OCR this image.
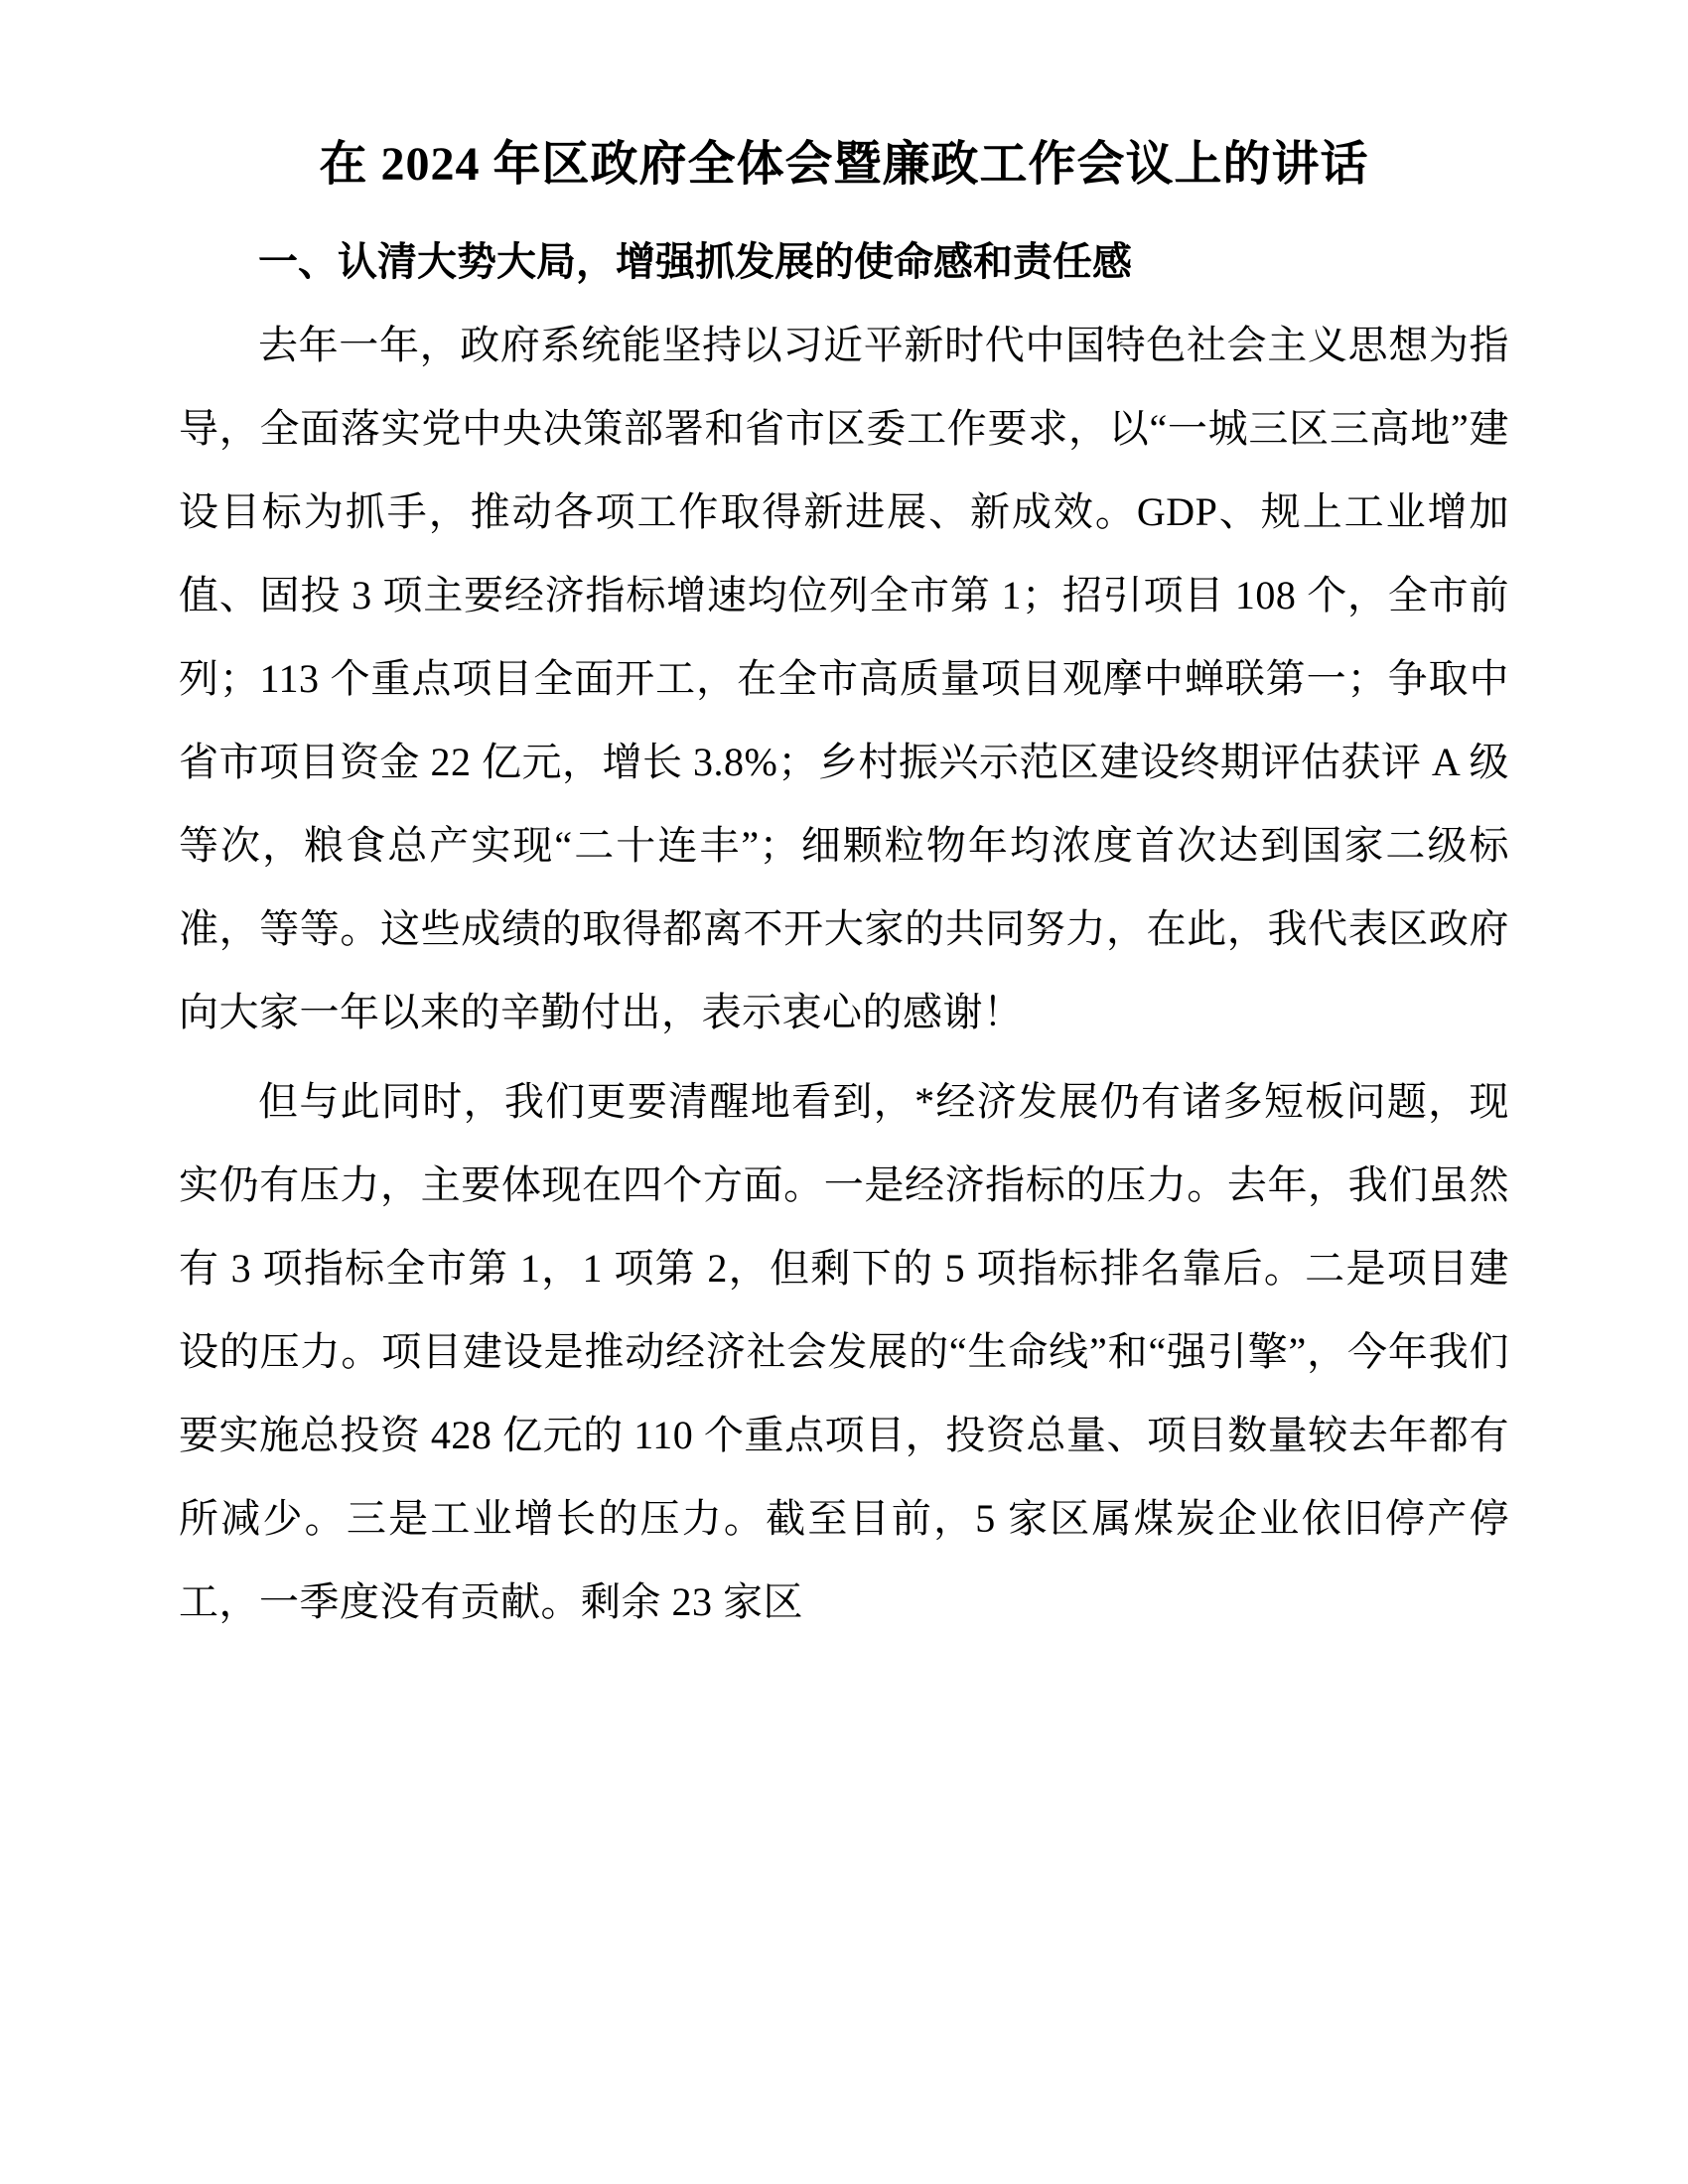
在 2024 年区政府全体会暨廉政工作会议上的讲话
一、认清大势大局，增强抓发展的使命感和责任感

去年一年，政府系统能坚持以习近平新时代中国特色社会主义思想为指导，全面落实党中央决策部署和省市区委工作要求，以“一城三区三高地”建设目标为抓手，推动各项工作取得新进展、新成效。GDP、规上工业增加值、固投 3 项主要经济指标增速均位列全市第 1；招引项目 108 个，全市前列；113 个重点项目全面开工，在全市高质量项目观摩中蝉联第一；争取中省市项目资金 22 亿元，增长 3.8%；乡村振兴示范区建设终期评估获评 A 级等次，粮食总产实现“二十连丰”；细颗粒物年均浓度首次达到国家二级标准，等等。这些成绩的取得都离不开大家的共同努力，在此，我代表区政府向大家一年以来的辛勤付出，表示衷心的感谢！

但与此同时，我们更要清醒地看到，*经济发展仍有诸多短板问题，现实仍有压力，主要体现在四个方面。一是经济指标的压力。去年，我们虽然有 3 项指标全市第 1，1 项第 2，但剩下的 5 项指标排名靠后。二是项目建设的压力。项目建设是推动经济社会发展的“生命线”和“强引擎”，今年我们要实施总投资 428 亿元的 110 个重点项目，投资总量、项目数量较去年都有所减少。三是工业增长的压力。截至目前，5 家区属煤炭企业依旧停产停工，一季度没有贡献。剩余 23 家区
